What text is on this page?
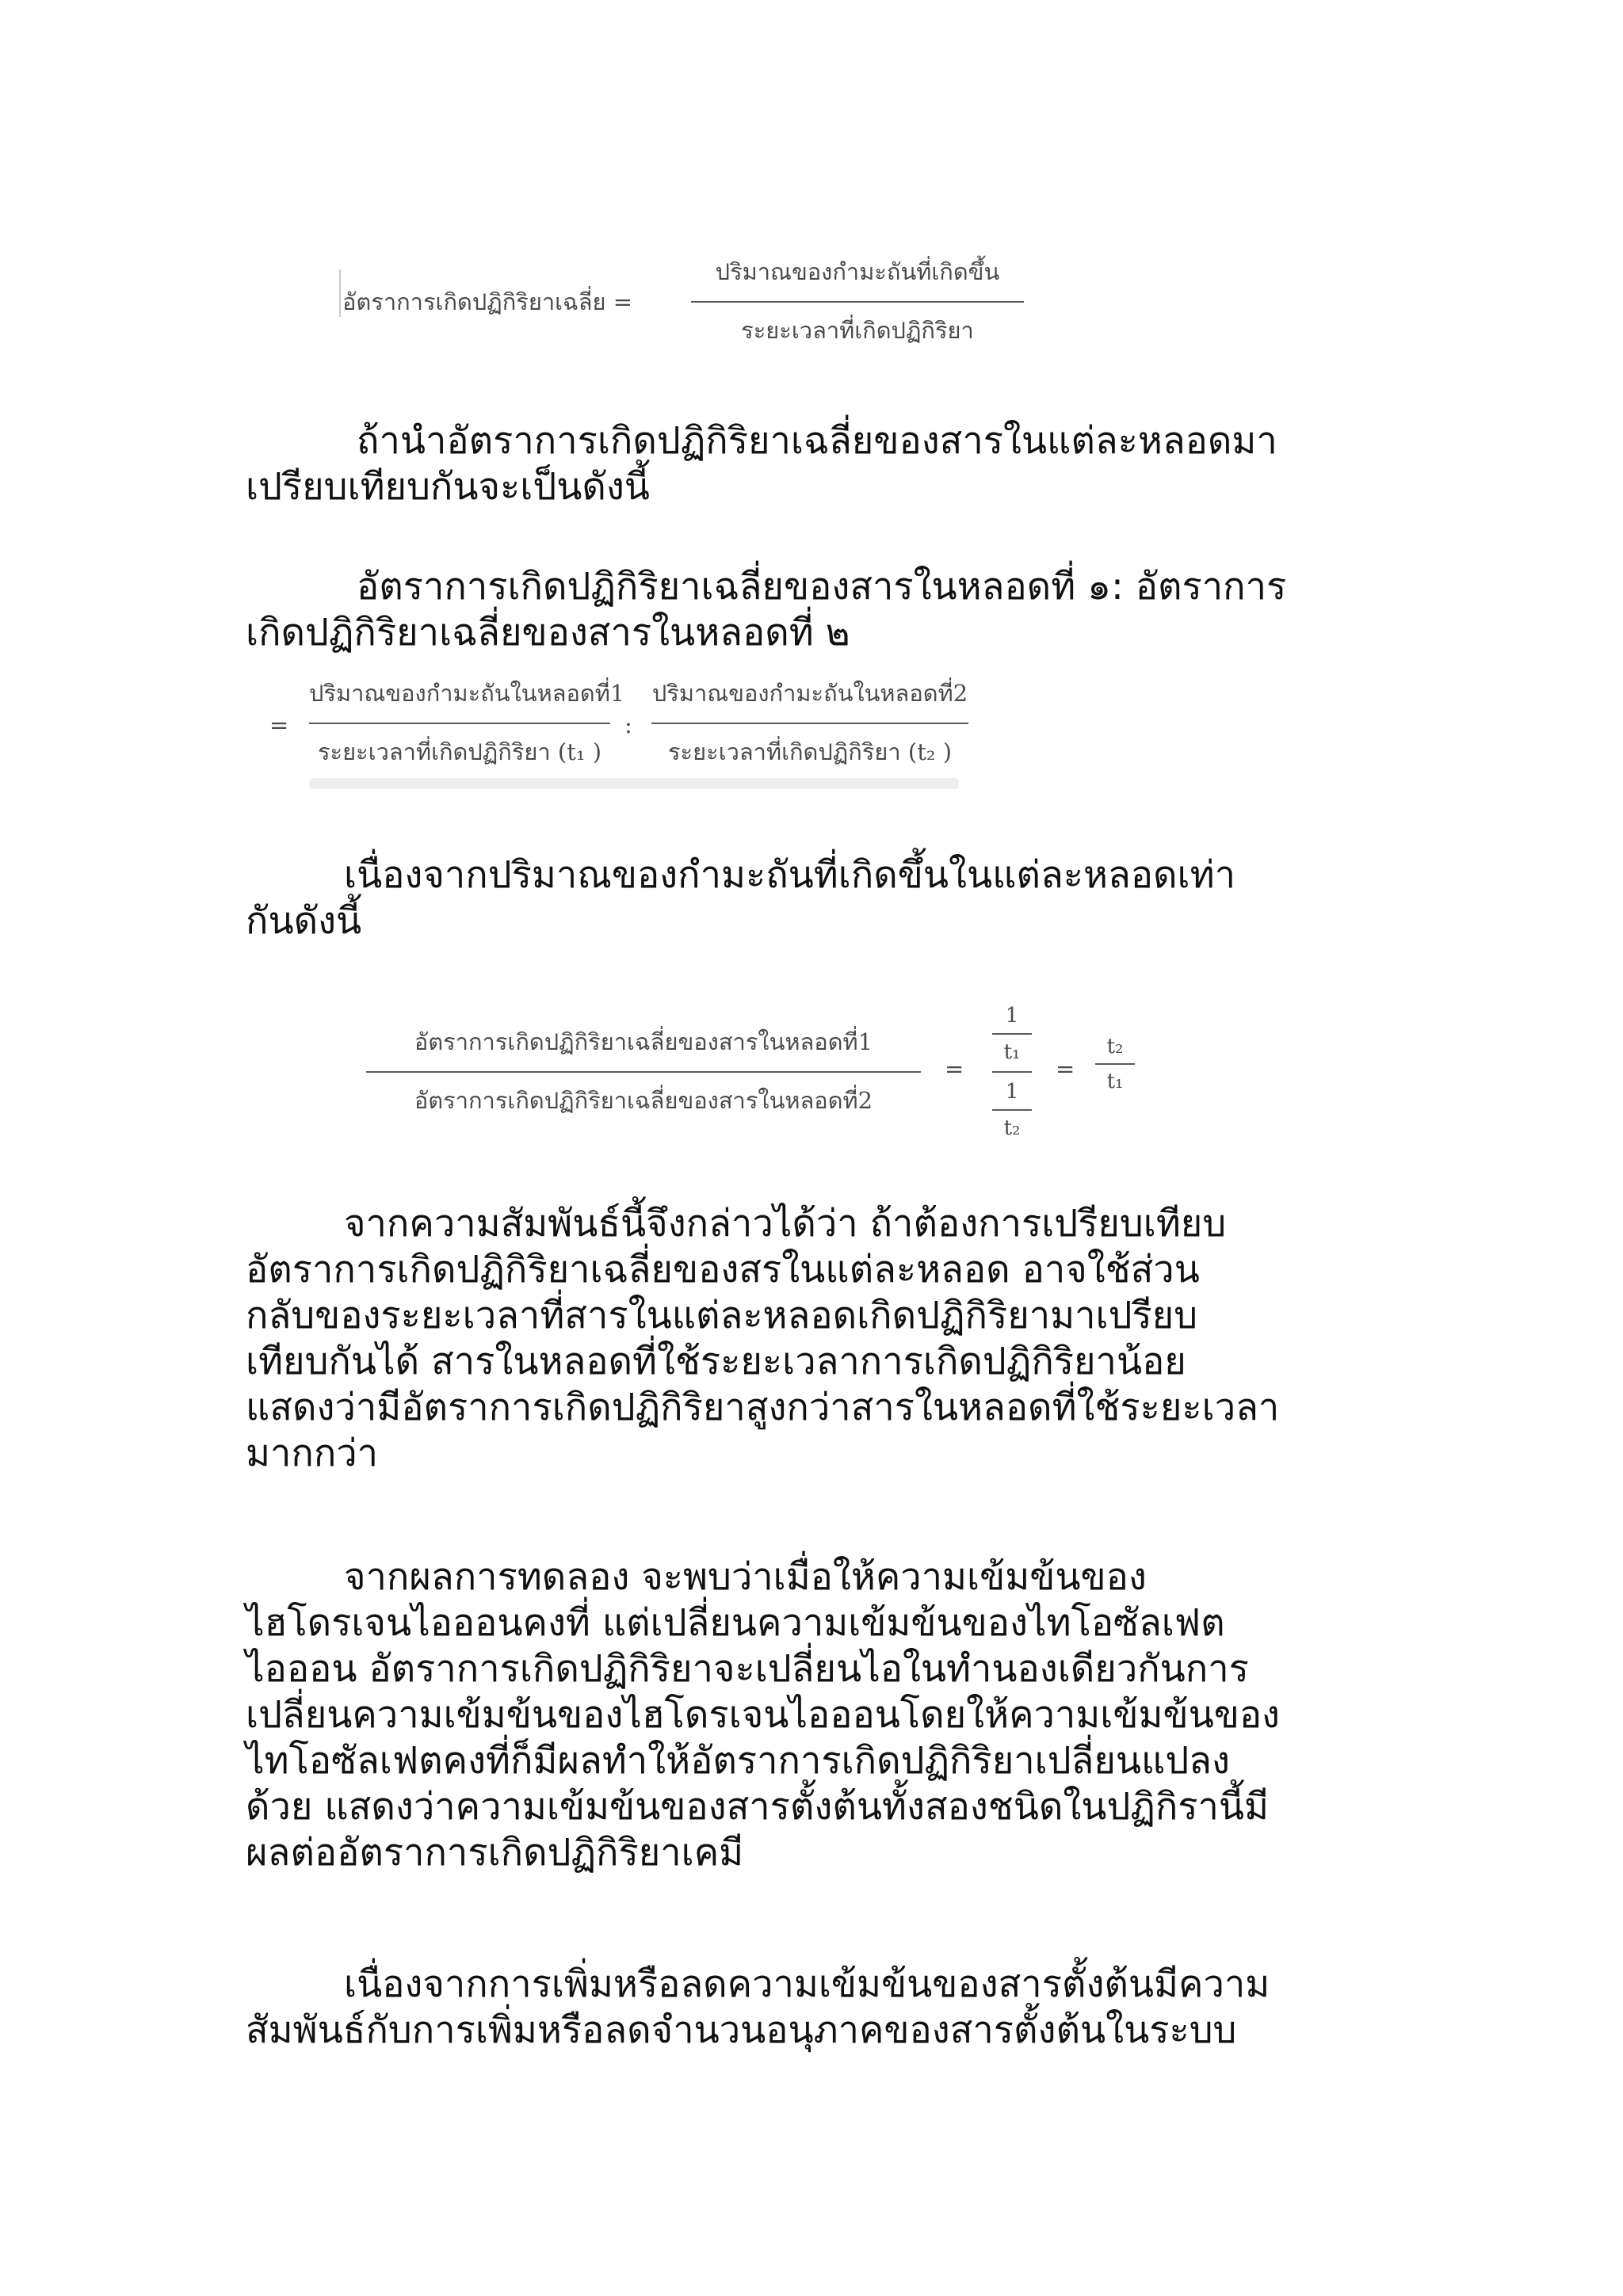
อัตราการเกิดปฏิกิริยาเฉลี่ย =
ปริมาณของกำมะถันที่เกิดขึ้น
ระยะเวลาที่เกิดปฏิกิริยา
ถ้านำอัตราการเกิดปฏิกิริยาเฉลี่ยของสารในแต่ละหลอดมา
เปรียบเทียบกันจะเป็นดังนี้
อัตราการเกิดปฏิกิริยาเฉลี่ยของสารในหลอดที่ ๑: อัตราการ
เกิดปฏิกิริยาเฉลี่ยของสารในหลอดที่ ๒
=
ปริมาณของกำมะถันในหลอดที่1
ระยะเวลาที่เกิดปฏิกิริยา (t₁ )
:
ปริมาณของกำมะถันในหลอดที่2
ระยะเวลาที่เกิดปฏิกิริยา (t₂ )
เนื่องจากปริมาณของกำมะถันที่เกิดขึ้นในแต่ละหลอดเท่า
กันดังนี้
อัตราการเกิดปฏิกิริยาเฉลี่ยของสารในหลอดที่1
อัตราการเกิดปฏิกิริยาเฉลี่ยของสารในหลอดที่2
=
1
t₁
1
t₂
=
t₂
t₁
จากความสัมพันธ์นี้จึงกล่าวได้ว่า ถ้าต้องการเปรียบเทียบ
อัตราการเกิดปฏิกิริยาเฉลี่ยของสรในแต่ละหลอด อาจใช้ส่วน
กลับของระยะเวลาที่สารในแต่ละหลอดเกิดปฏิกิริยามาเปรียบ
เทียบกันได้ สารในหลอดที่ใช้ระยะเวลาการเกิดปฏิกิริยาน้อย
แสดงว่ามีอัตราการเกิดปฏิกิริยาสูงกว่าสารในหลอดที่ใช้ระยะเวลา
มากกว่า
จากผลการทดลอง จะพบว่าเมื่อให้ความเข้มข้นของ
ไฮโดรเจนไอออนคงที่ แต่เปลี่ยนความเข้มข้นของไทโอซัลเฟต
ไอออน อัตราการเกิดปฏิกิริยาจะเปลี่ยนไอในทำนองเดียวกันการ
เปลี่ยนความเข้มข้นของไฮโดรเจนไอออนโดยให้ความเข้มข้นของ
ไทโอซัลเฟตคงที่ก็มีผลทำให้อัตราการเกิดปฏิกิริยาเปลี่ยนแปลง
ด้วย แสดงว่าความเข้มข้นของสารตั้งต้นทั้งสองชนิดในปฏิกิรานี้มี
ผลต่ออัตราการเกิดปฏิกิริยาเคมี
เนื่องจากการเพิ่มหรือลดความเข้มข้นของสารตั้งต้นมีความ
สัมพันธ์กับการเพิ่มหรือลดจำนวนอนุภาคของสารตั้งต้นในระบบ
